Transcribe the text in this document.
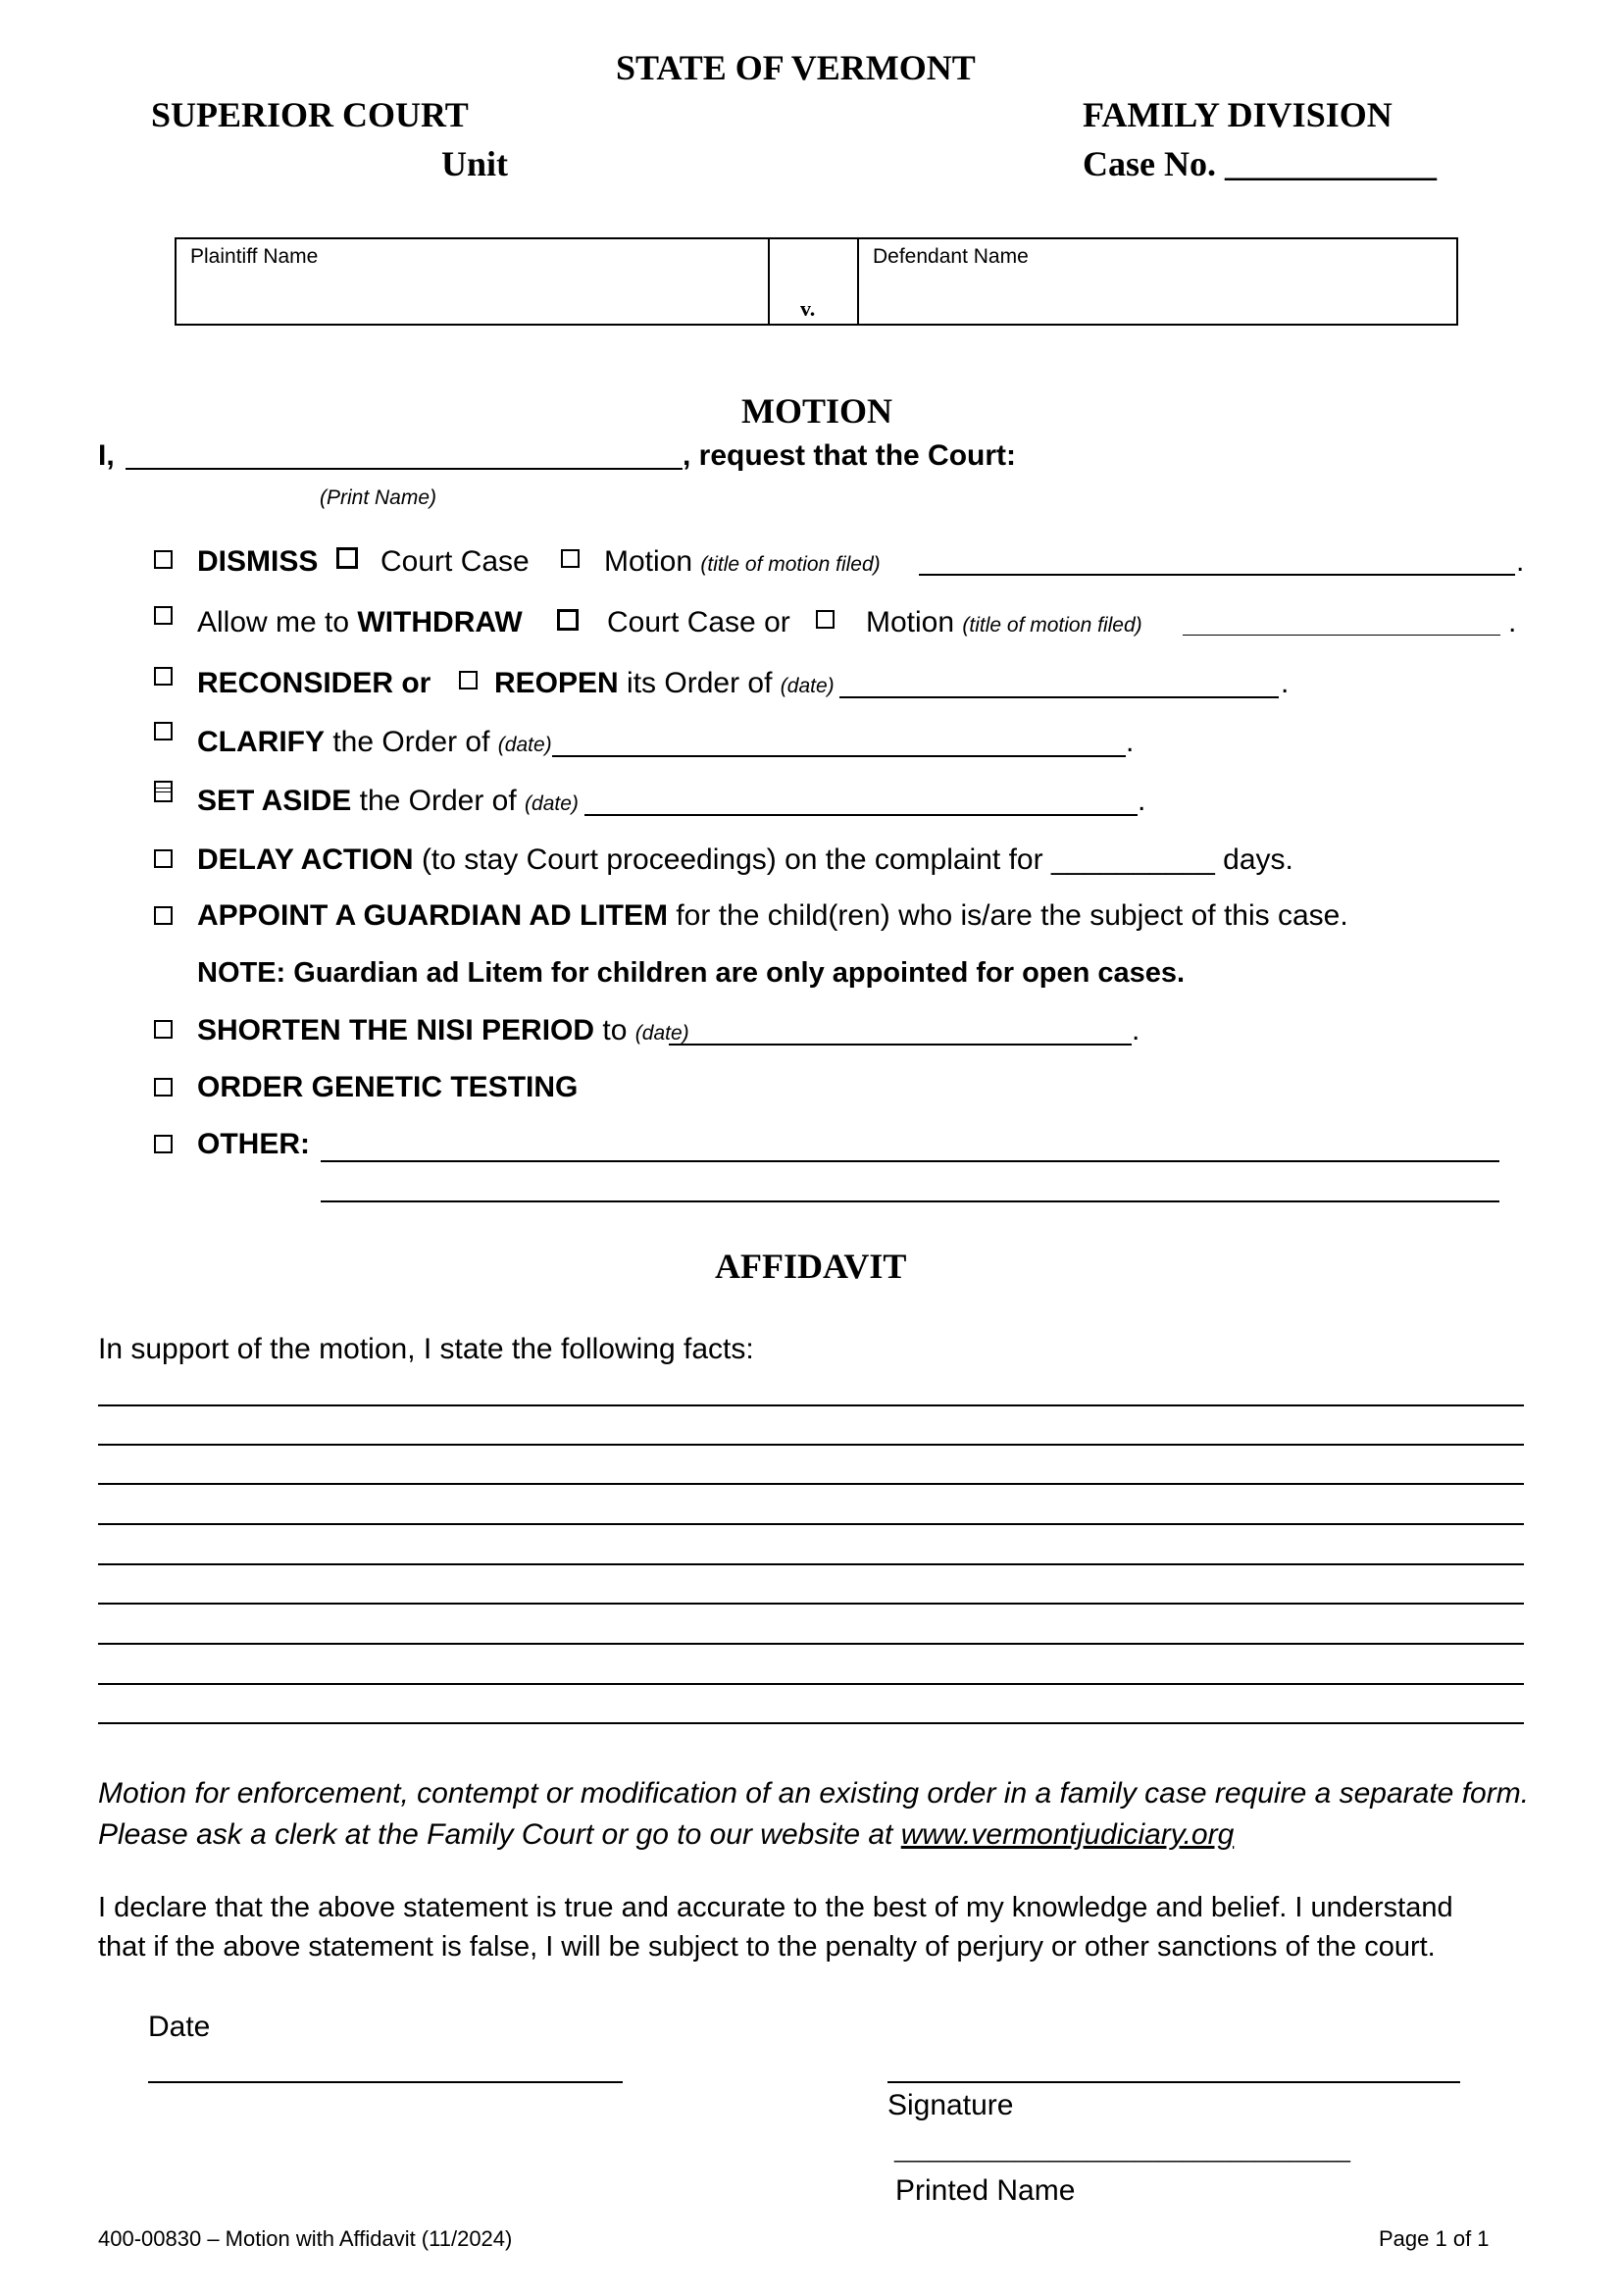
STATE OF VERMONT
SUPERIOR COURT
Unit
FAMILY DIVISION
Case No. ____________
Plaintiff Name
v.
Defendant Name
MOTION
I,	, request that the Court:
(Print Name)
DISMISS Court Case	Motion (title of motion filed)	.
Allow me to WITHDRAW	Court Case or	Motion (title of motion filed)	.
RECONSIDER or REOPEN its Order of (date)	.
CLARIFY the Order of (date)	.
SET ASIDE the Order of (date)	.
DELAY ACTION (to stay Court proceedings) on the complaint for __________ days.
APPOINT A GUARDIAN AD LITEM for the child(ren) who is/are the subject of this case.
NOTE: Guardian ad Litem for children are only appointed for open cases.
SHORTEN THE NISI PERIOD to (date)	.
ORDER GENETIC TESTING
OTHER:
AFFIDAVIT
In support of the motion, I state the following facts:
Motion for enforcement, contempt or modification of an existing order in a family case require a separate form. Please ask a clerk at the Family Court or go to our website at www.vermontjudiciary.org
I declare that the above statement is true and accurate to the best of my knowledge and belief. I understand
that if the above statement is false, I will be subject to the penalty of perjury or other sanctions of the court.
Date
Signature
______________________________________
Printed Name
400-00830 – Motion with Affidavit (11/2024)	Page 1 of 1
